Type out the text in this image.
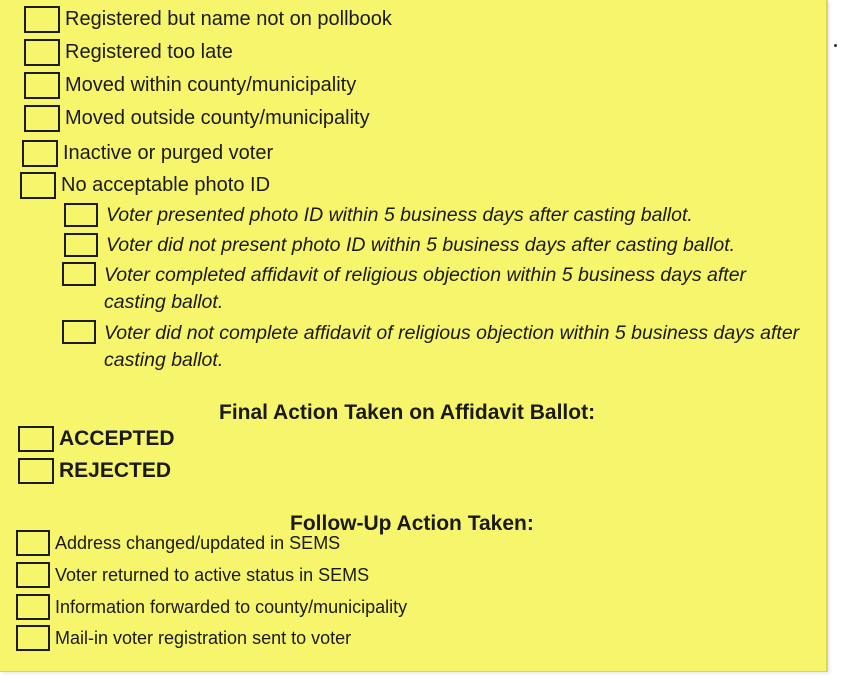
Registered but name not on pollbook
Registered too late
Moved within county/municipality
Moved outside county/municipality
Inactive or purged voter
No acceptable photo ID
Voter presented photo ID within 5 business days after casting ballot.
Voter did not present photo ID within 5 business days after casting ballot.
Voter completed affidavit of religious objection within 5 business days after casting ballot.
Voter did not complete affidavit of religious objection within 5 business days after casting ballot.
Final Action Taken on Affidavit Ballot:
ACCEPTED
REJECTED
Follow-Up Action Taken:
Address changed/updated in SEMS
Voter returned to active status in SEMS
Information forwarded to county/municipality
Mail-in voter registration sent to voter
